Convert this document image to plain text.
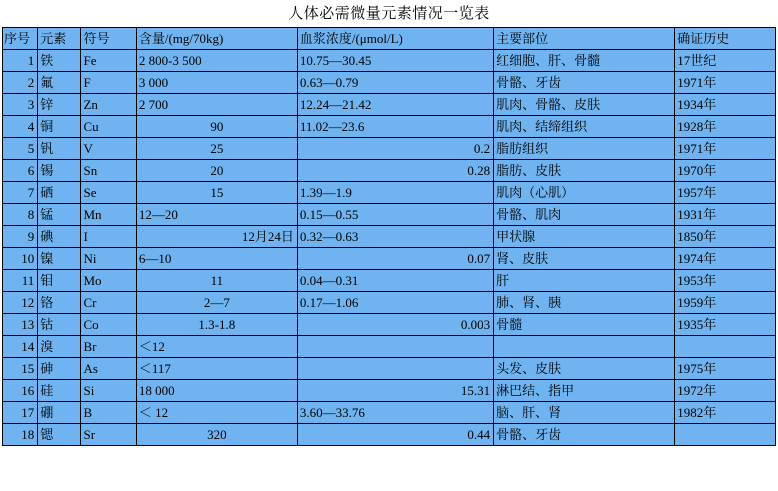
人体必需微量元素情况一览表
序号	元素	符号	含量/(mg/70kg)	血浆浓度/(μmol/L)	主要部位	确证历史
1	铁	Fe	2 800-3 500	10.75—30.45	红细胞、肝、骨髓	17世纪
2	氟	F	3 000	0.63—0.79	骨骼、牙齿	1971年
3	锌	Zn	2 700	12.24—21.42	肌肉、骨骼、皮肤	1934年
4	铜	Cu	90	11.02—23.6	肌肉、结缔组织	1928年
5	钒	V	25	0.2	脂肪组织	1971年
6	锡	Sn	20	0.28	脂肪、皮肤	1970年
7	硒	Se	15	1.39—1.9	肌肉（心肌）	1957年
8	锰	Mn	12—20	0.15—0.55	骨骼、肌肉	1931年
9	碘	I	12月24日	0.32—0.63	甲状腺	1850年
10	镍	Ni	6—10	0.07	肾、皮肤	1974年
11	钼	Mo	11	0.04—0.31	肝	1953年
12	铬	Cr	2—7	0.17—1.06	肺、肾、胰	1959年
13	钴	Co	1.3-1.8	0.003	骨髓	1935年
14	溴	Br	＜12			
15	砷	As	＜117		头发、皮肤	1975年
16	硅	Si	18 000	15.31	淋巴结、指甲	1972年
17	硼	B	＜ 12	3.60—33.76	脑、肝、肾	1982年
18	锶	Sr	320	0.44	骨骼、牙齿	
